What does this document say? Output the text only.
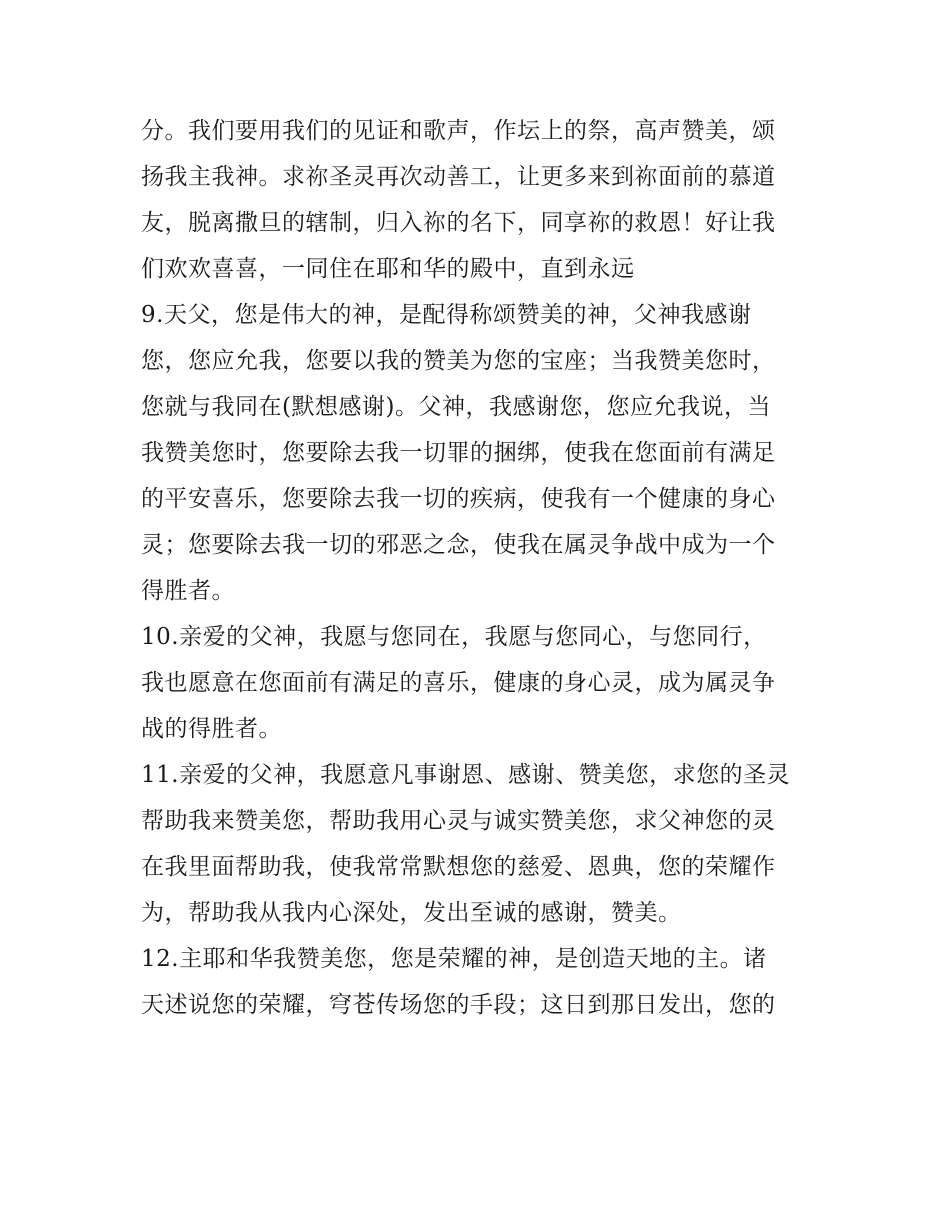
分。我们要用我们的见证和歌声，作坛上的祭，高声赞美，颂
扬我主我神。求祢圣灵再次动善工，让更多来到祢面前的慕道
友，脱离撒旦的辖制，归入祢的名下，同享祢的救恩！好让我
们欢欢喜喜，一同住在耶和华的殿中，直到永远
9.天父，您是伟大的神，是配得称颂赞美的神，父神我感谢
您，您应允我，您要以我的赞美为您的宝座；当我赞美您时，
您就与我同在(默想感谢)。父神，我感谢您，您应允我说，当
我赞美您时，您要除去我一切罪的捆绑，使我在您面前有满足
的平安喜乐，您要除去我一切的疾病，使我有一个健康的身心
灵；您要除去我一切的邪恶之念，使我在属灵争战中成为一个
得胜者。
10.亲爱的父神，我愿与您同在，我愿与您同心，与您同行，
我也愿意在您面前有满足的喜乐，健康的身心灵，成为属灵争
战的得胜者。
11.亲爱的父神，我愿意凡事谢恩、感谢、赞美您，求您的圣灵
帮助我来赞美您，帮助我用心灵与诚实赞美您，求父神您的灵
在我里面帮助我，使我常常默想您的慈爱、恩典，您的荣耀作
为，帮助我从我内心深处，发出至诚的感谢，赞美。
12.主耶和华我赞美您，您是荣耀的神，是创造天地的主。诸
天述说您的荣耀，穹苍传场您的手段；这日到那日发出，您的
